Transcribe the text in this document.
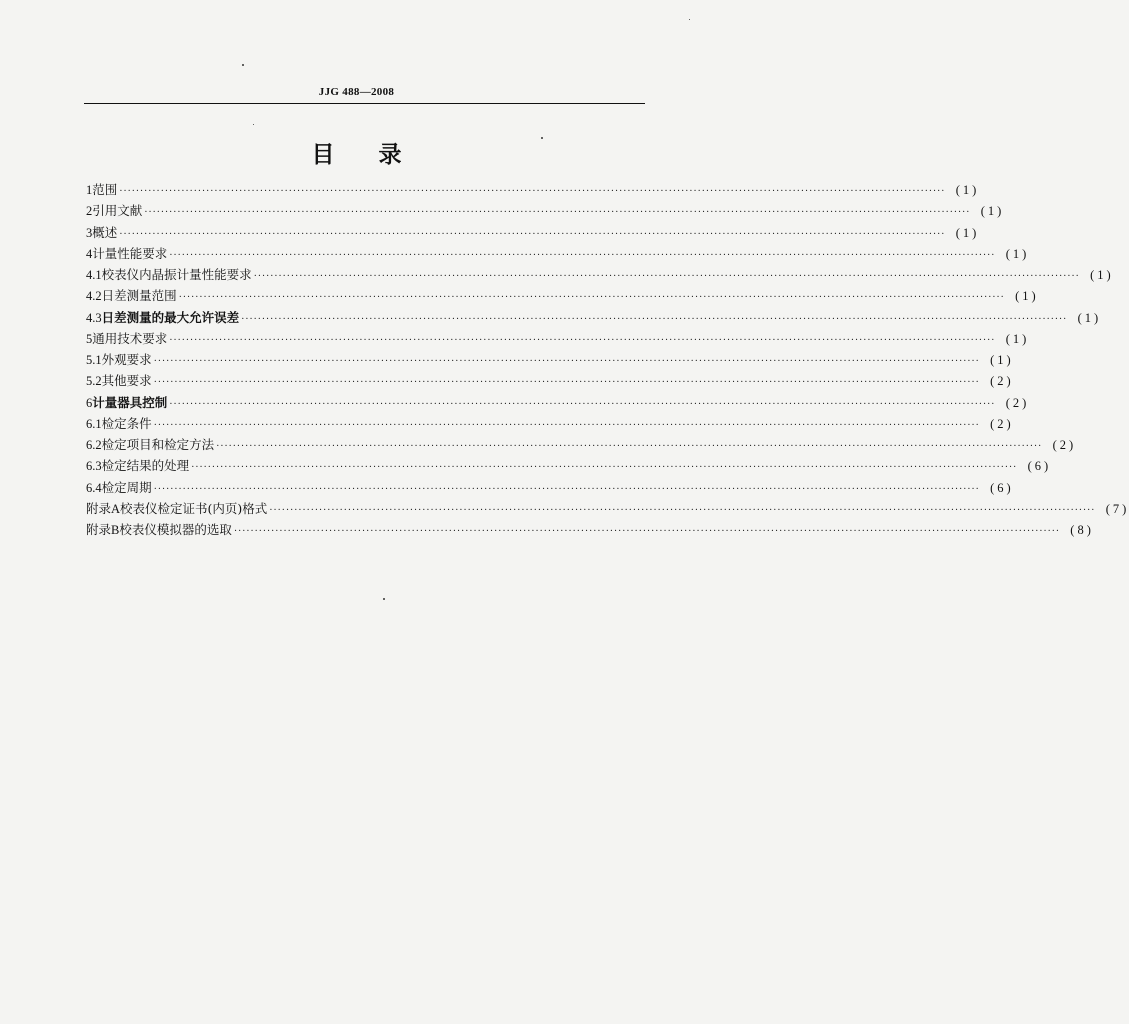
JJG 488—2008
目录
1 范围 ········································································································································································································ (1)
2 引用文献 ········································································································································································································ (1)
3 概述 ········································································································································································································ (1)
4 计量性能要求 ········································································································································································································ (1)
4.1 校表仪内晶振计量性能要求 ········································································································································································································ (1)
4.2 日差测量范围 ········································································································································································································ (1)
4.3 日差测量的最大允许误差 ········································································································································································································ (1)
5 通用技术要求 ········································································································································································································ (1)
5.1 外观要求 ········································································································································································································ (1)
5.2 其他要求 ········································································································································································································ (2)
6 计量器具控制 ········································································································································································································ (2)
6.1 检定条件 ········································································································································································································ (2)
6.2 检定项目和检定方法 ········································································································································································································ (2)
6.3 检定结果的处理 ········································································································································································································ (6)
6.4 检定周期 ········································································································································································································ (6)
附录A 校表仪检定证书(内页)格式 ········································································································································································································ (7)
附录B 校表仪模拟器的选取 ········································································································································································································ (8)
